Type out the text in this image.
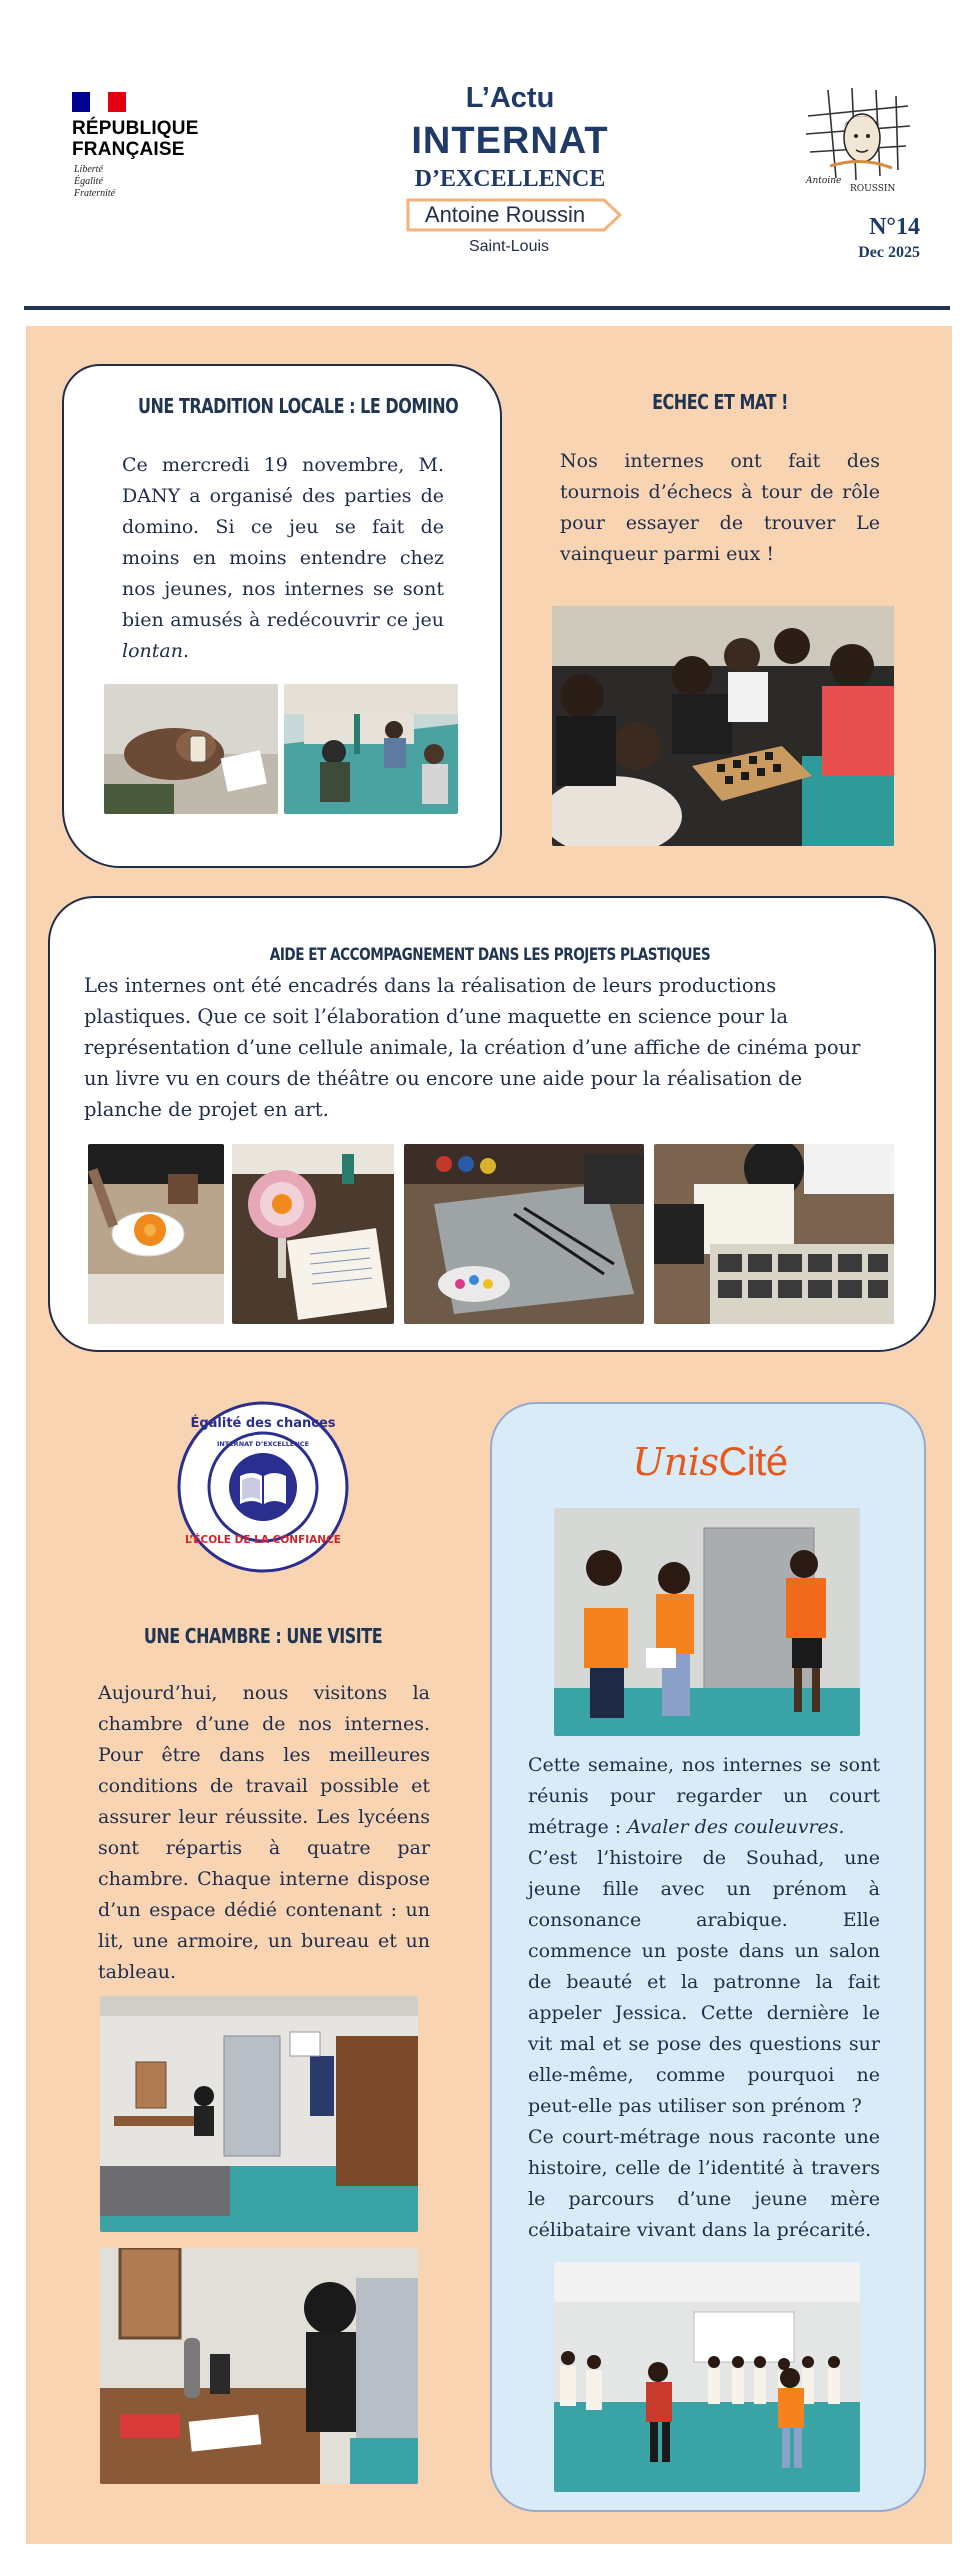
RÉPUBLIQUE
FRANÇAISE
Liberté
Égalité
Fraternité
L’Actu
INTERNAT
D’EXCELLENCE
Antoine Roussin
Saint-Louis
Antoine
ROUSSIN
N°14
Dec 2025
UNE TRADITION LOCALE : LE DOMINO
Ce mercredi 19 novembre, M. DANY a organisé des parties de domino. Si ce jeu se fait de moins en moins entendre chez nos jeunes, nos internes se sont bien amusés à redécouvrir ce jeu lontan.
ECHEC ET MAT !
Nos internes ont fait des tournois d’échecs à tour de rôle pour essayer de trouver Le vainqueur parmi eux !
AIDE ET ACCOMPAGNEMENT DANS LES PROJETS PLASTIQUES
Les internes ont été encadrés dans la réalisation de leurs productions plastiques. Que ce soit l’élaboration d’une maquette en science pour la représentation d’une cellule animale, la création d’une affiche de cinéma pour un livre vu en cours de théâtre ou encore une aide pour la réalisation de planche de projet en art.
Égalité des chances
INTERNAT D’EXCELLENCE
L’ÉCOLE DE LA CONFIANCE
UNE CHAMBRE : UNE VISITE
Aujourd’hui, nous visitons la chambre d’une de nos internes. Pour être dans les meilleures conditions de travail possible et assurer leur réussite. Les lycéens sont répartis à quatre par chambre. Chaque interne dispose d’un espace dédié contenant : un lit, une armoire, un bureau et un tableau.
UnisCité
Cette semaine, nos internes se sont réunis pour regarder un court métrage : Avaler des couleuvres.
C’est l’histoire de Souhad, une jeune fille avec un prénom à consonance arabique. Elle commence un poste dans un salon de beauté et la patronne la fait appeler Jessica. Cette dernière le vit mal et se pose des questions sur elle-même, comme pourquoi ne peut-elle pas utiliser son prénom ?
Ce court-métrage nous raconte une histoire, celle de l’identité à travers le parcours d’une jeune mère célibataire vivant dans la précarité.
